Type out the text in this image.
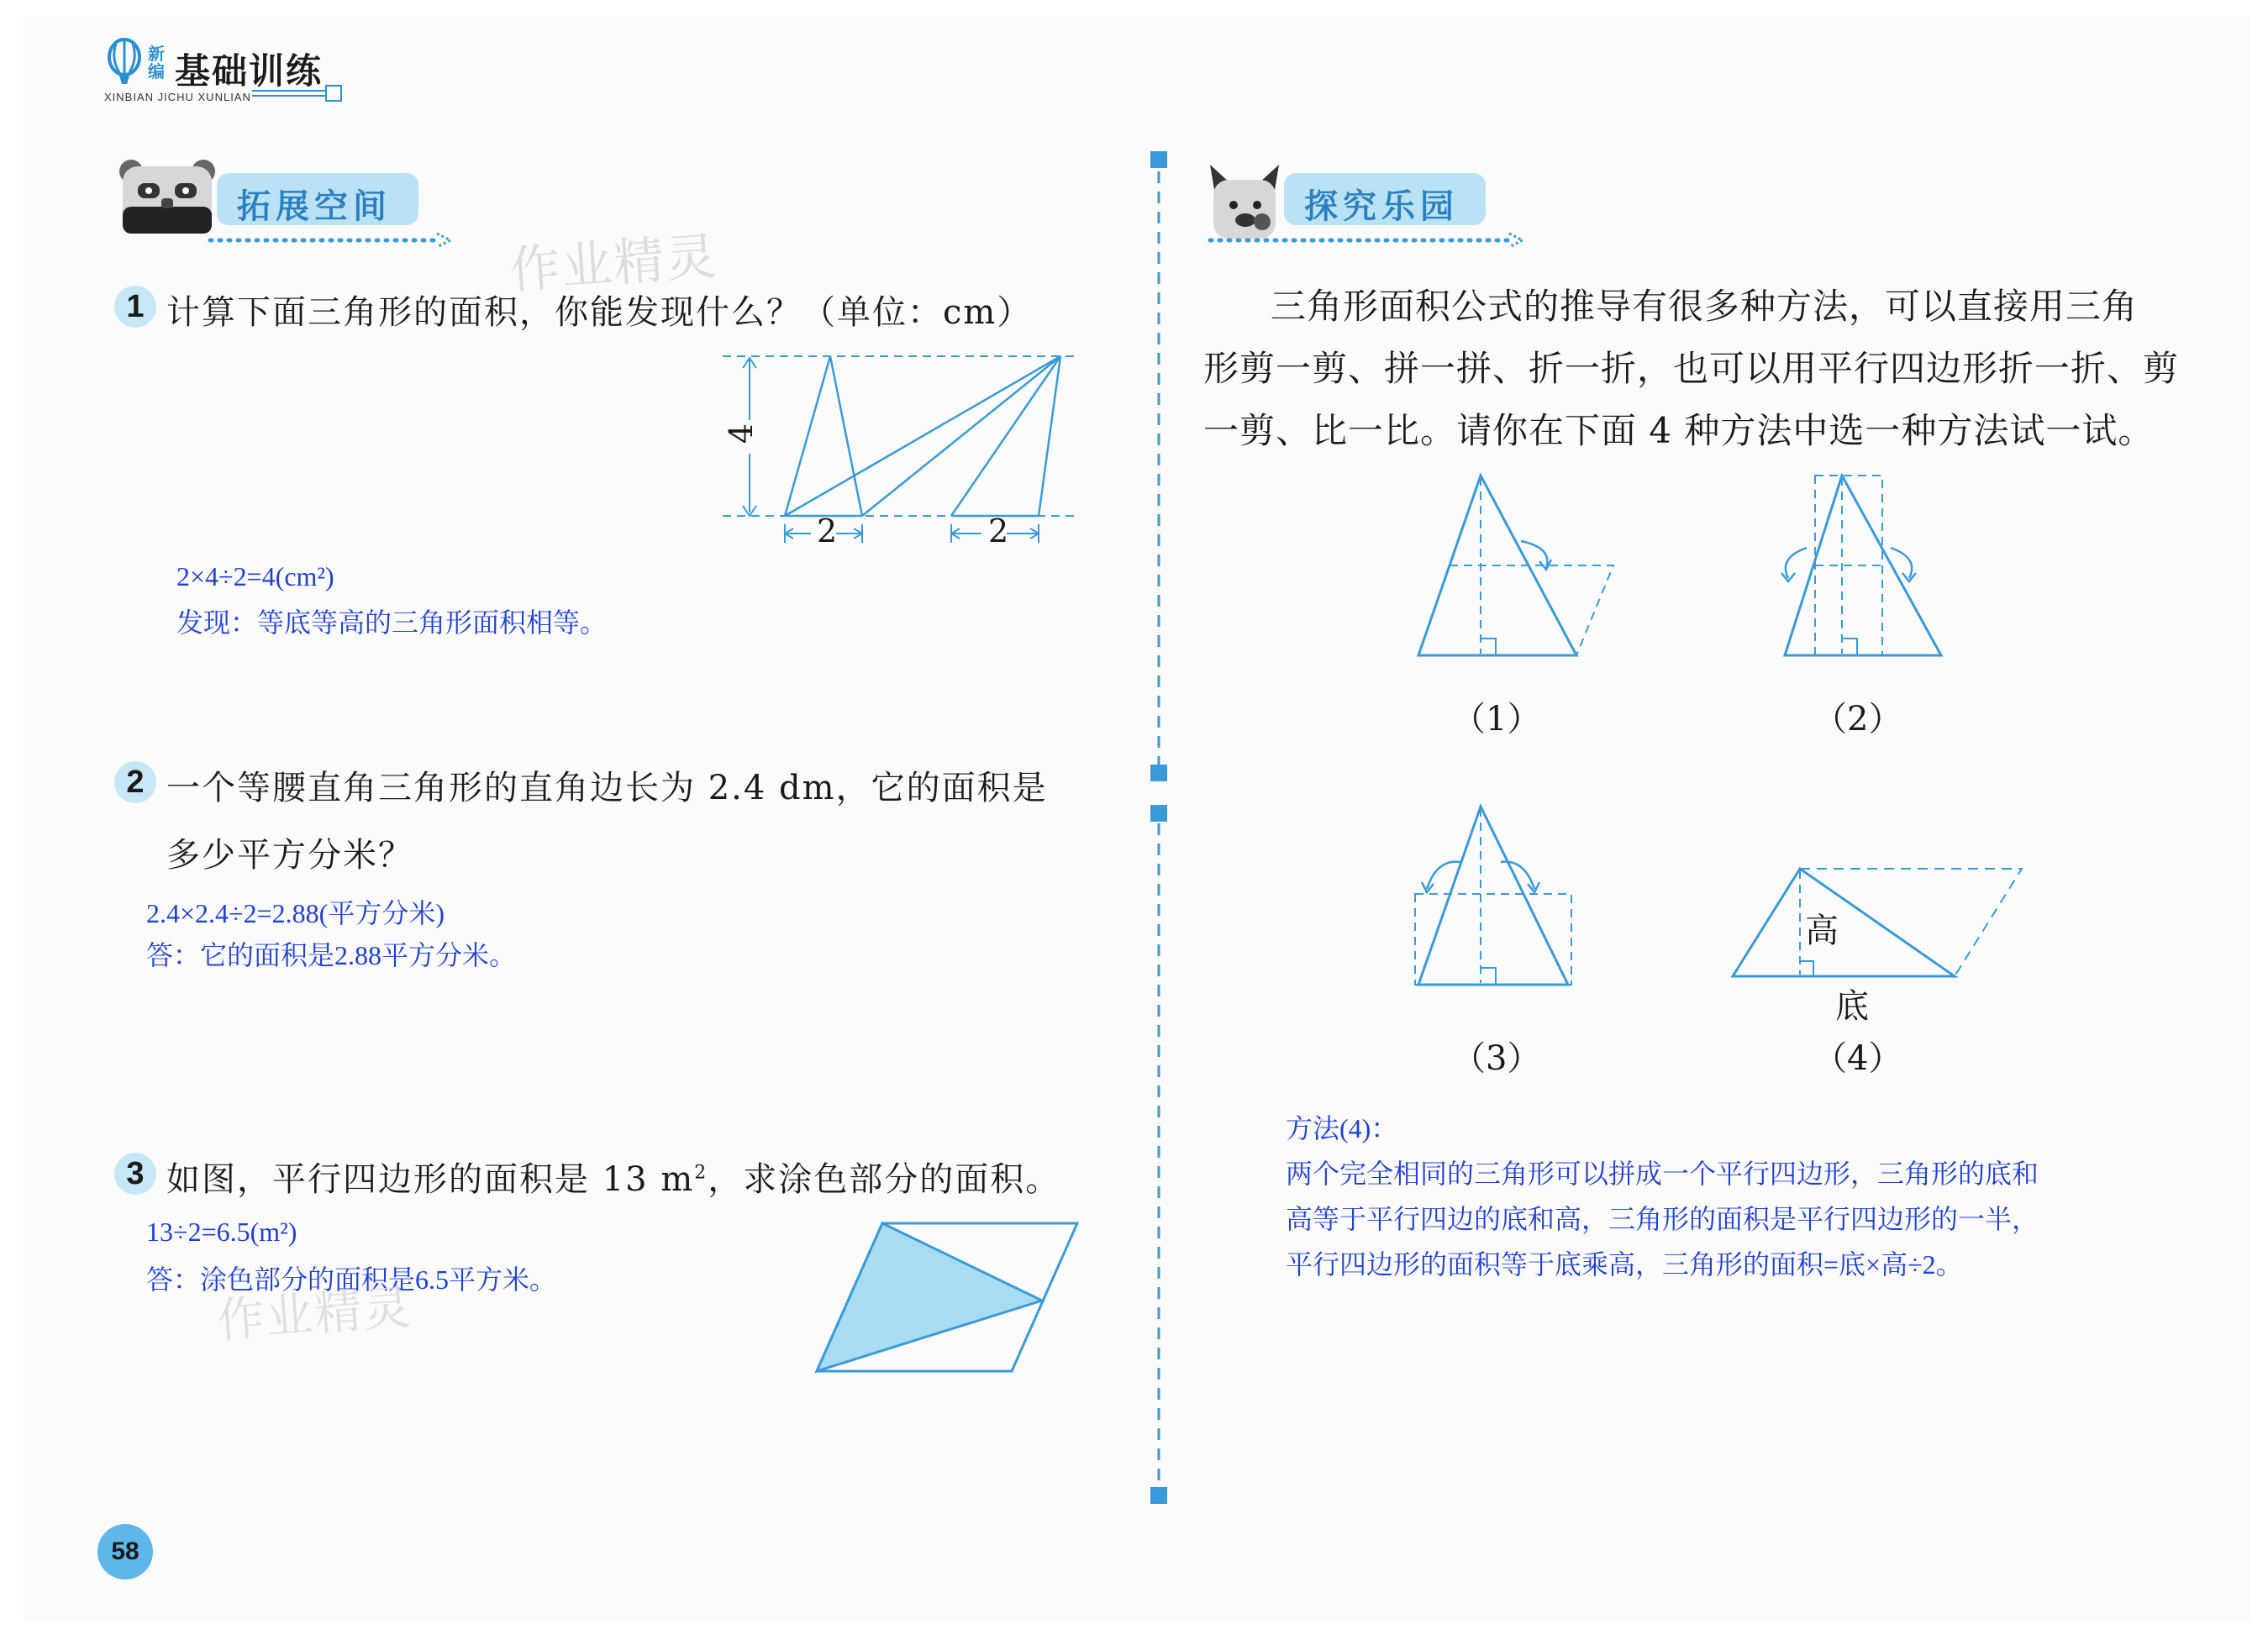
新编 基础训练
XINBIAN JICHU XUNLIAN
拓展空间
作业精灵
1 计算下面三角形的面积，你能发现什么？（单位：cm）
4
2	2
2×4÷2=4(cm²)
发现：等底等高的三角形面积相等。
2 一个等腰直角三角形的直角边长为 2.4 dm，它的面积是
多少平方分米？
2.4×2.4÷2=2.88(平方分米)
答：它的面积是2.88平方分米。
3 如图，平行四边形的面积是 13 $m^2$，求涂色部分的面积。
13÷2=6.5(m²)
答：涂色部分的面积是6.5平方米。
作业精灵
58
探究乐园
三角形面积公式的推导有很多种方法，可以直接用三角
形剪一剪、拼一拼、折一折，也可以用平行四边形折一折、剪
一剪、比一比。请你在下面 4 种方法中选一种方法试一试。
（1）	（2）
（3）
高
底
（4）
方法(4)：
两个完全相同的三角形可以拼成一个平行四边形，三角形的底和
高等于平行四边的底和高，三角形的面积是平行四边形的一半，
平行四边形的面积等于底乘高，三角形的面积=底×高÷2。
